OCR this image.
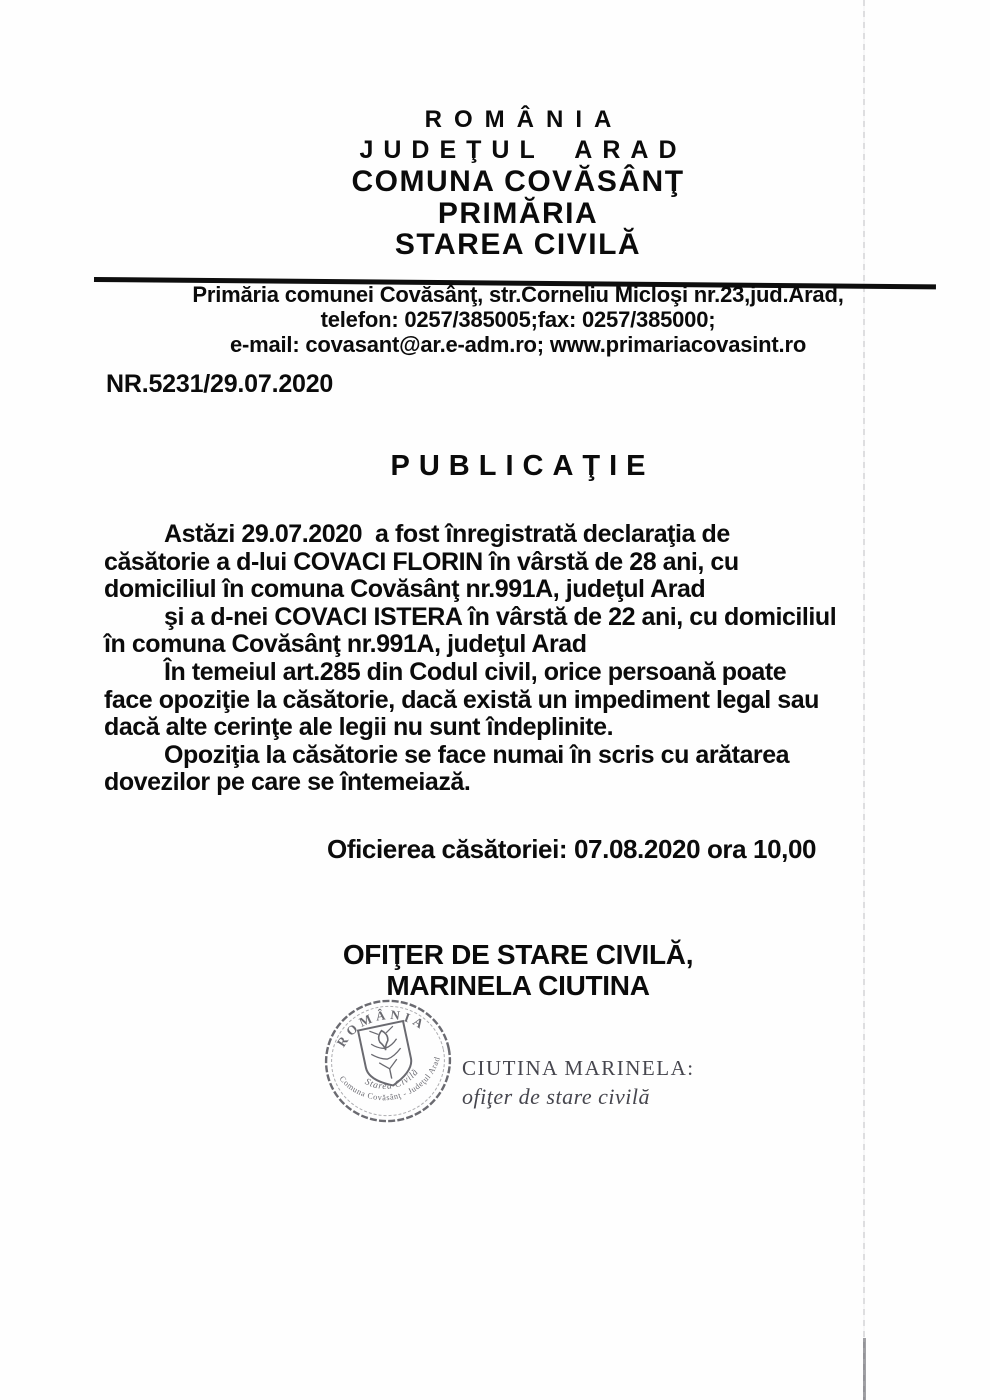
ROMÂNIA
JUDEŢUL ARAD
COMUNA COVĂSÂNŢ
PRIMĂRIA
STAREA CIVILĂ
Primăria comunei Covăsânţ, str.Corneliu Micloşi nr.23,jud.Arad,
telefon: 0257/385005;fax: 0257/385000;
e-mail: covasant@ar.e-adm.ro; www.primariacovasint.ro
NR.5231/29.07.2020
PUBLICAŢIE
Astăzi 29.07.2020  a fost înregistrată declaraţia de
căsătorie a d-lui COVACI FLORIN în vârstă de 28 ani, cu
domiciliul în comuna Covăsânţ nr.991A, judeţul Arad
şi a d-nei COVACI ISTERA în vârstă de 22 ani, cu domiciliul
în comuna Covăsânţ nr.991A, judeţul Arad
În temeiul art.285 din Codul civil, orice persoană poate
face opoziţie la căsătorie, dacă există un impediment legal sau
dacă alte cerinţe ale legii nu sunt îndeplinite.
Opoziţia la căsătorie se face numai în scris cu arătarea
dovezilor pe care se întemeiază.
Oficierea căsătoriei: 07.08.2020 ora 10,00
OFIŢER DE STARE CIVILĂ,
MARINELA CIUTINA
ROMÂNIA
Comuna Covăsânţ - Judeţul Arad
Starea Civilă CIUTINA MARINELA:
ofiţer de stare civilă
